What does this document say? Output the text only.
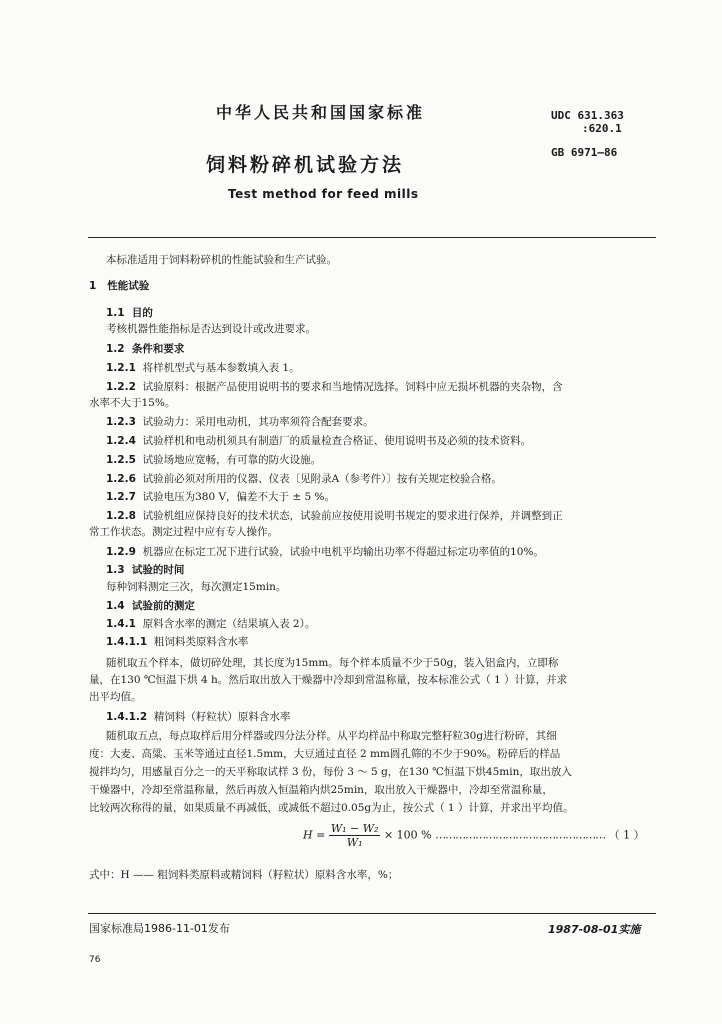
中华人民共和国国家标准	UDC 631.363
:620.1
GB 6971—86
饲料粉碎机试验方法
Test method for feed mills
本标准适用于饲料粉碎机的性能试验和生产试验。
1 性能试验
1.1 目的
考核机器性能指标是否达到设计或改进要求。
1.2 条件和要求
1.2.1 将样机型式与基本参数填入表 1。
1.2.2 试验原料：根据产品使用说明书的要求和当地情况选择。饲料中应无损坏机器的夹杂物，含
水率不大于15%。
1.2.3 试验动力：采用电动机，其功率须符合配套要求。
1.2.4 试验样机和电动机须具有制造厂的质量检查合格证、使用说明书及必须的技术资料。
1.2.5 试验场地应宽畅，有可靠的防火设施。
1.2.6 试验前必须对所用的仪器、仪表〔见附录A（参考件）〕按有关规定校验合格。
1.2.7 试验电压为380 V，偏差不大于 ± 5 %。
1.2.8 试验机组应保持良好的技术状态，试验前应按使用说明书规定的要求进行保养，并调整到正
常工作状态。测定过程中应有专人操作。
1.2.9 机器应在标定工况下进行试验，试验中电机平均输出功率不得超过标定功率值的10%。
1.3 试验的时间
每种饲料测定三次，每次测定15min。
1.4 试验前的测定
1.4.1 原料含水率的测定（结果填入表 2）。
1.4.1.1 粗饲料类原料含水率
随机取五个样本，做切碎处理，其长度为15mm。每个样本质量不少于50g，装入铝盒内，立即称
量，在130 ℃恒温下烘 4 h。然后取出放入干燥器中冷却到常温称量，按本标准公式（ 1 ）计算，并求
出平均值。
1.4.1.2 精饲料（籽粒状）原料含水率
随机取五点，每点取样后用分样器或四分法分样。从平均样品中称取完整籽粒30g进行粉碎，其细
度：大麦、高粱、玉米等通过直径1.5mm，大豆通过直径 2 mm圆孔筛的不少于90%。粉碎后的样品
搅拌均匀，用感量百分之一的天平称取试样 3 份，每份 3 ～ 5 g，在130 ℃恒温下烘45min，取出放入
干燥器中，冷却至常温称量，然后再放入恒温箱内烘25min，取出放入干燥器中，冷却至常温称量，
比较两次称得的量，如果质量不再减低，或减低不超过0.05g为止，按公式（ 1 ）计算，并求出平均值。
$H = \frac{\text{W₁ − W₂}}{\text{W₁}} \times 100$ % …………………………………………… （ 1 ）
式中：H —— 粗饲料类原料或精饲料（籽粒状）原料含水率，%；
国家标准局1986-11-01发布	1987-08-01实施
76
